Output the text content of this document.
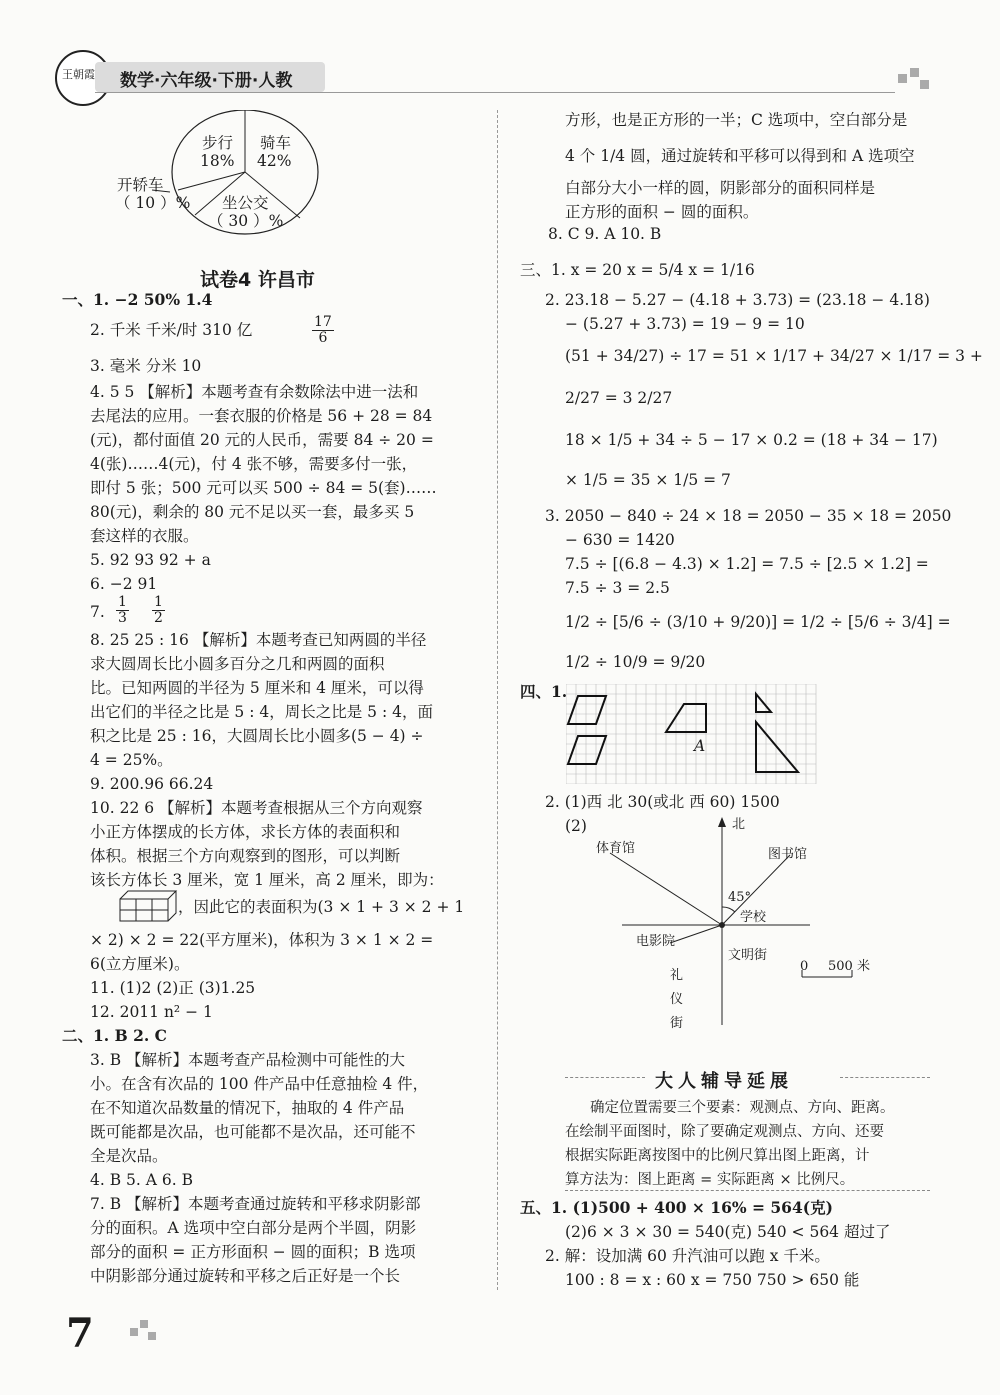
王朝霞 数学·六年级·下册·人教
步行
18%
骑车
42%
坐公交
（ 30 ）%
开轿车
（ 10 ）%
试卷4 许昌市
一、1. −2 50% 1.4
2. 千米 千米/时 310 亿	$\frac{17}{6}$
3. 毫米 分米 10
4. 5 5 【解析】本题考查有余数除法中进一法和
去尾法的应用。一套衣服的价格是 56 + 28 = 84
(元)，都付面值 20 元的人民币，需要 84 ÷ 20 =
4(张)……4(元)，付 4 张不够，需要多付一张，
即付 5 张；500 元可以买 500 ÷ 84 = 5(套)……
80(元)，剩余的 80 元不足以买一套，最多买 5
套这样的衣服。
5. 92 93 92 + a
6. −2 91
7. $\frac{1}{3} \frac{1}{2}$
8. 25 25 : 16 【解析】本题考查已知两圆的半径
求大圆周长比小圆多百分之几和两圆的面积
比。已知两圆的半径为 5 厘米和 4 厘米，可以得
出它们的半径之比是 5 : 4，周长之比是 5 : 4，面
积之比是 25 : 16，大圆周长比小圆多(5 − 4) ÷
4 = 25%。
9. 200.96 66.24
10. 22 6 【解析】本题考查根据从三个方向观察
小正方体摆成的长方体，求长方体的表面积和
体积。根据三个方向观察到的图形，可以判断
该长方体长 3 厘米，宽 1 厘米，高 2 厘米，即为：
，因此它的表面积为(3 × 1 + 3 × 2 + 1
× 2) × 2 = 22(平方厘米)，体积为 3 × 1 × 2 =
6(立方厘米)。
11. (1)2 (2)正 (3)1.25
12. 2011 n² − 1
二、1. B 2. C
3. B 【解析】本题考查产品检测中可能性的大
小。在含有次品的 100 件产品中任意抽检 4 件，
在不知道次品数量的情况下，抽取的 4 件产品
既可能都是次品，也可能都不是次品，还可能不
全是次品。
4. B 5. A 6. B
7. B 【解析】本题考查通过旋转和平移求阴影部
分的面积。A 选项中空白部分是两个半圆，阴影
部分的面积 = 正方形面积 − 圆的面积；B 选项
中阴影部分通过旋转和平移之后正好是一个长
方形，也是正方形的一半；C 选项中，空白部分是
4 个 1/4 圆，通过旋转和平移可以得到和 A 选项空
白部分大小一样的圆，阴影部分的面积同样是
正方形的面积 − 圆的面积。
8. C 9. A 10. B
三、1. x = 20 x = 5/4 x = 1/16
2. 23.18 − 5.27 − (4.18 + 3.73) = (23.18 − 4.18)
− (5.27 + 3.73) = 19 − 9 = 10
(51 + 34/27) ÷ 17 = 51 × 1/17 + 34/27 × 1/17 = 3 +
2/27 = 3 2/27
18 × 1/5 + 34 ÷ 5 − 17 × 0.2 = (18 + 34 − 17)
× 1/5 = 35 × 1/5 = 7
3. 2050 − 840 ÷ 24 × 18 = 2050 − 35 × 18 = 2050
− 630 = 1420
7.5 ÷ [(6.8 − 4.3) × 1.2] = 7.5 ÷ [2.5 × 1.2] =
7.5 ÷ 3 = 2.5
1/2 ÷ [5/6 ÷ (3/10 + 9/20)] = 1/2 ÷ [5/6 ÷ 3/4] =
1/2 ÷ 10/9 = 9/20
四、1.
A
2. (1)西 北 30(或北 西 60) 1500
(2)	北
体育馆	图书馆
45°
学校
电影院
文明街
礼
仪
街
0 500 米
大人辅导延展
确定位置需要三个要素：观测点、方向、距离。
在绘制平面图时，除了要确定观测点、方向、还要
根据实际距离按图中的比例尺算出图上距离，计
算方法为：图上距离 = 实际距离 × 比例尺。
五、1. (1)500 + 400 × 16% = 564(克)
(2)6 × 3 × 30 = 540(克) 540 < 564 超过了
2. 解：设加满 60 升汽油可以跑 x 千米。
100 : 8 = x : 60 x = 750 750 > 650 能
7
